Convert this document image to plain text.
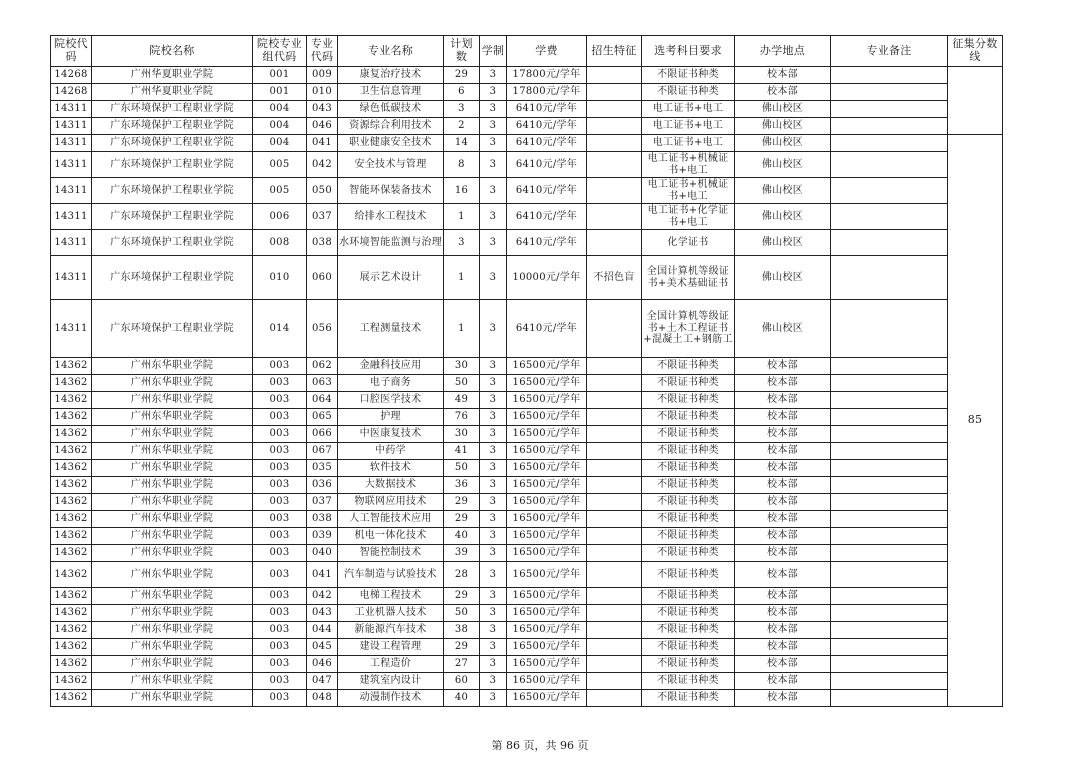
院校代码	院校名称	院校专业组代码	专业代码	专业名称	计划数	学制	学费	招生特征	选考科目要求	办学地点	专业备注	征集分数线
14268	广州华夏职业学院	001	009	康复治疗技术	29	3	17800元/学年		不限证书种类	校本部		
14268	广州华夏职业学院	001	010	卫生信息管理	6	3	17800元/学年		不限证书种类	校本部		
14311	广东环境保护工程职业学院	004	043	绿色低碳技术	3	3	6410元/学年		电工证书+电工	佛山校区		
14311	广东环境保护工程职业学院	004	046	资源综合利用技术	2	3	6410元/学年		电工证书+电工	佛山校区		
14311	广东环境保护工程职业学院	004	041	职业健康安全技术	14	3	6410元/学年		电工证书+电工	佛山校区		85
14311	广东环境保护工程职业学院	005	042	安全技术与管理	8	3	6410元/学年		电工证书+机械证书+电工	佛山校区		
14311	广东环境保护工程职业学院	005	050	智能环保装备技术	16	3	6410元/学年		电工证书+机械证书+电工	佛山校区		
14311	广东环境保护工程职业学院	006	037	给排水工程技术	1	3	6410元/学年		电工证书+化学证书+电工	佛山校区		
14311	广东环境保护工程职业学院	008	038	水环境智能监测与治理	3	3	6410元/学年		化学证书	佛山校区		
14311	广东环境保护工程职业学院	010	060	展示艺术设计	1	3	10000元/学年	不招色盲	全国计算机等级证书+美术基础证书	佛山校区		
14311	广东环境保护工程职业学院	014	056	工程测量技术	1	3	6410元/学年		全国计算机等级证书+土木工程证书+混凝土工+钢筋工	佛山校区		
14362	广州东华职业学院	003	062	金融科技应用	30	3	16500元/学年		不限证书种类	校本部		
14362	广州东华职业学院	003	063	电子商务	50	3	16500元/学年		不限证书种类	校本部		
14362	广州东华职业学院	003	064	口腔医学技术	49	3	16500元/学年		不限证书种类	校本部		
14362	广州东华职业学院	003	065	护理	76	3	16500元/学年		不限证书种类	校本部		
14362	广州东华职业学院	003	066	中医康复技术	30	3	16500元/学年		不限证书种类	校本部		
14362	广州东华职业学院	003	067	中药学	41	3	16500元/学年		不限证书种类	校本部		
14362	广州东华职业学院	003	035	软件技术	50	3	16500元/学年		不限证书种类	校本部		
14362	广州东华职业学院	003	036	大数据技术	36	3	16500元/学年		不限证书种类	校本部		
14362	广州东华职业学院	003	037	物联网应用技术	29	3	16500元/学年		不限证书种类	校本部		
14362	广州东华职业学院	003	038	人工智能技术应用	29	3	16500元/学年		不限证书种类	校本部		
14362	广州东华职业学院	003	039	机电一体化技术	40	3	16500元/学年		不限证书种类	校本部		
14362	广州东华职业学院	003	040	智能控制技术	39	3	16500元/学年		不限证书种类	校本部		
14362	广州东华职业学院	003	041	汽车制造与试验技术	28	3	16500元/学年		不限证书种类	校本部		
14362	广州东华职业学院	003	042	电梯工程技术	29	3	16500元/学年		不限证书种类	校本部		
14362	广州东华职业学院	003	043	工业机器人技术	50	3	16500元/学年		不限证书种类	校本部		
14362	广州东华职业学院	003	044	新能源汽车技术	38	3	16500元/学年		不限证书种类	校本部		
14362	广州东华职业学院	003	045	建设工程管理	29	3	16500元/学年		不限证书种类	校本部		
14362	广州东华职业学院	003	046	工程造价	27	3	16500元/学年		不限证书种类	校本部		
14362	广州东华职业学院	003	047	建筑室内设计	60	3	16500元/学年		不限证书种类	校本部		
14362	广州东华职业学院	003	048	动漫制作技术	40	3	16500元/学年		不限证书种类	校本部		
第 86 页，共 96 页
